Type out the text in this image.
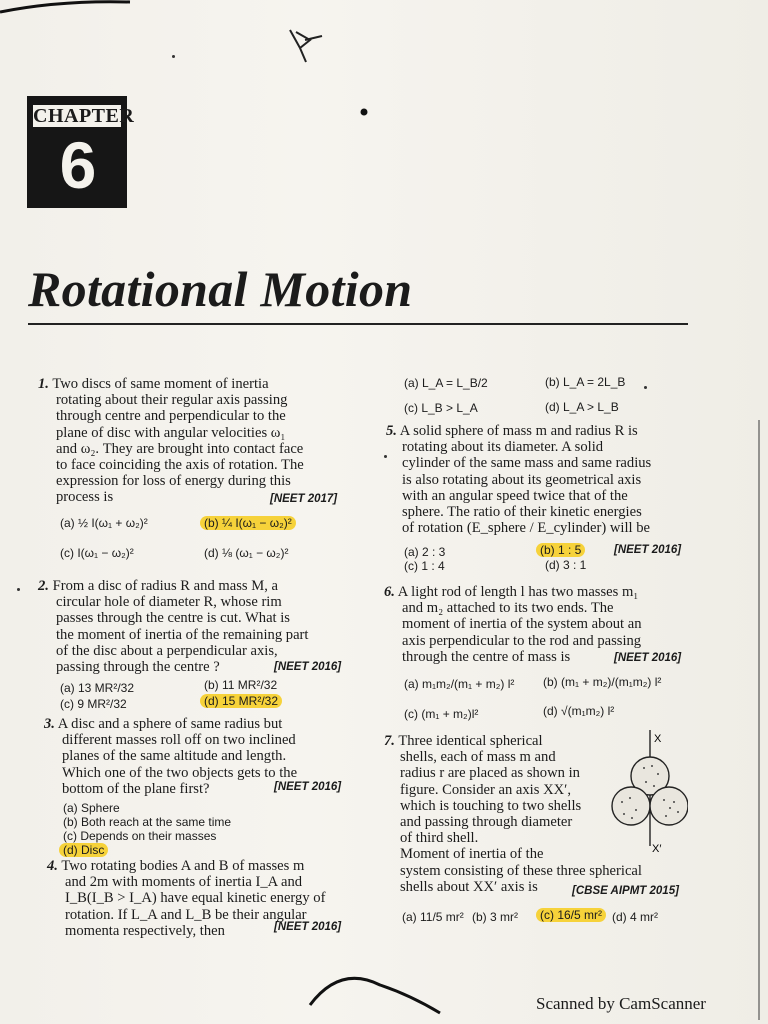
CHAPTER
6
Rotational Motion
1. Two discs of same moment of inertia
rotating about their regular axis passing
through centre and perpendicular to the
plane of disc with angular velocities ω₁
and ω₂. They are brought into contact face
to face coinciding the axis of rotation. The
expression for loss of energy during this
process is	[NEET 2017]
(a) ½ I(ω₁ + ω₂)²	(b) ¼ I(ω₁ − ω₂)²
(c) I(ω₁ − ω₂)²	(d) ⅛ (ω₁ − ω₂)²
2. From a disc of radius R and mass M, a
circular hole of diameter R, whose rim
passes through the centre is cut. What is
the moment of inertia of the remaining part
of the disc about a perpendicular axis,
passing through the centre ?	[NEET 2016]
(a) 13 MR²/32	(b) 11 MR²/32
(c) 9 MR²/32	(d) 15 MR²/32
3. A disc and a sphere of same radius but
different masses roll off on two inclined
planes of the same altitude and length.
Which one of the two objects gets to the
bottom of the plane first?	[NEET 2016]
(a) Sphere
(b) Both reach at the same time
(c) Depends on their masses
(d) Disc
4. Two rotating bodies A and B of masses m
and 2m with moments of inertia I_A and
I_B(I_B > I_A) have equal kinetic energy of
rotation. If L_A and L_B be their angular
momenta respectively, then	[NEET 2016]
(a) L_A = L_B/2	(b) L_A = 2L_B
(c) L_B > L_A	(d) L_A > L_B
5. A solid sphere of mass m and radius R is
rotating about its diameter. A solid
cylinder of the same mass and same radius
is also rotating about its geometrical axis
with an angular speed twice that of the
sphere. The ratio of their kinetic energies
of rotation (E_sphere / E_cylinder) will be
(a) 2 : 3	(b) 1 : 5	[NEET 2016]
(c) 1 : 4	(d) 3 : 1
6. A light rod of length l has two masses m₁
and m₂ attached to its two ends. The
moment of inertia of the system about an
axis perpendicular to the rod and passing
through the centre of mass is	[NEET 2016]
(a) m₁m₂/(m₁ + m₂) l² (b) (m₁ + m₂)/(m₁m₂) l²
(c) (m₁ + m₂)l²	(d) √(m₁m₂) l²
7. Three identical spherical
shells, each of mass m and
radius r are placed as shown in
figure. Consider an axis XX′,
which is touching to two shells
and passing through diameter
of third shell.
Moment of inertia of the
system consisting of these three spherical
shells about XX′ axis is	[CBSE AIPMT 2015]
X
X′
(a) 11/5 mr² (b) 3 mr²	(c) 16/5 mr² (d) 4 mr²
Scanned by CamScanner
